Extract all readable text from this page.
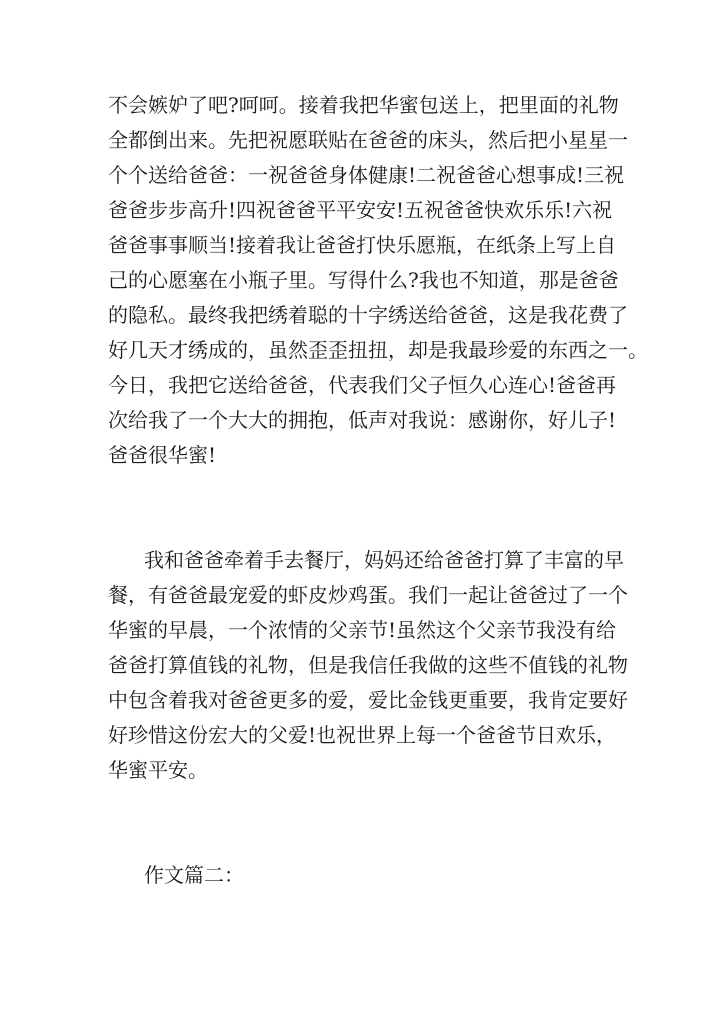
不会嫉妒了吧?呵呵。接着我把华蜜包送上，把里面的礼物
全都倒出来。先把祝愿联贴在爸爸的床头，然后把小星星一
个个送给爸爸：一祝爸爸身体健康!二祝爸爸心想事成!三祝
爸爸步步高升!四祝爸爸平平安安!五祝爸爸快欢乐乐!六祝
爸爸事事顺当!接着我让爸爸打快乐愿瓶，在纸条上写上自
己的心愿塞在小瓶子里。写得什么?我也不知道，那是爸爸
的隐私。最终我把绣着聪的十字绣送给爸爸，这是我花费了
好几天才绣成的，虽然歪歪扭扭，却是我最珍爱的东西之一。
今日，我把它送给爸爸，代表我们父子恒久心连心!爸爸再
次给我了一个大大的拥抱，低声对我说：感谢你，好儿子!
爸爸很华蜜!
我和爸爸牵着手去餐厅，妈妈还给爸爸打算了丰富的早
餐，有爸爸最宠爱的虾皮炒鸡蛋。我们一起让爸爸过了一个
华蜜的早晨，一个浓情的父亲节!虽然这个父亲节我没有给
爸爸打算值钱的礼物，但是我信任我做的这些不值钱的礼物
中包含着我对爸爸更多的爱，爱比金钱更重要，我肯定要好
好珍惜这份宏大的父爱!也祝世界上每一个爸爸节日欢乐，
华蜜平安。
作文篇二：
